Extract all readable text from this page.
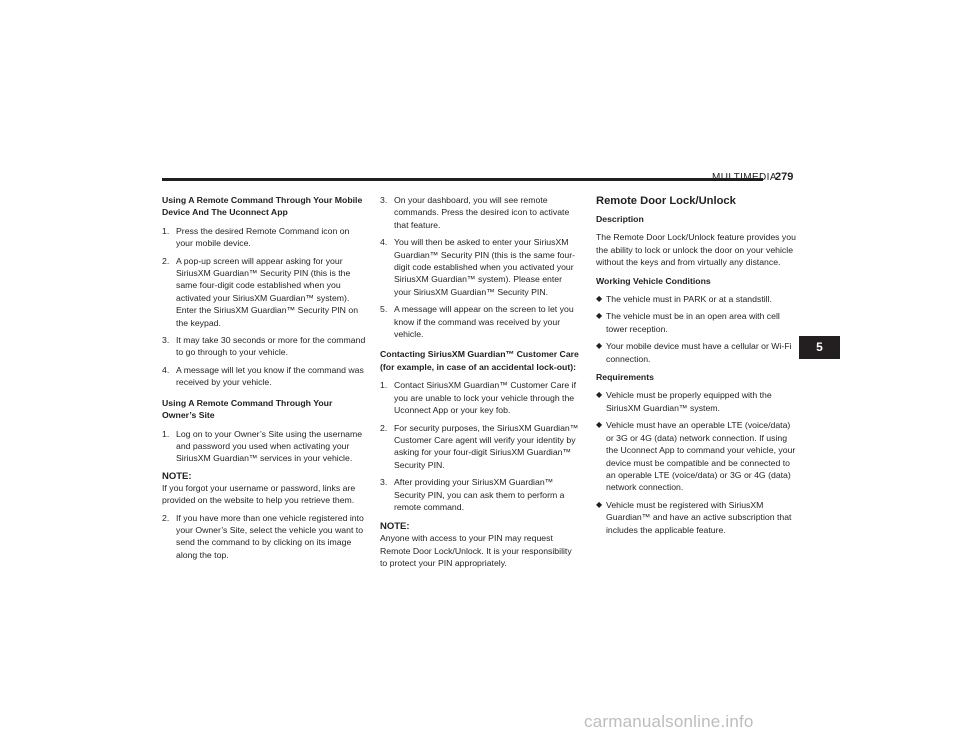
MULTIMEDIA
279
Using A Remote Command Through Your Mobile Device And The Uconnect App
1. Press the desired Remote Command icon on your mobile device.
2. A pop-up screen will appear asking for your SiriusXM Guardian™ Security PIN (this is the same four-digit code established when you activated your SiriusXM Guardian™ system). Enter the SiriusXM Guardian™ Security PIN on the keypad.
3. It may take 30 seconds or more for the command to go through to your vehicle.
4. A message will let you know if the command was received by your vehicle.
Using A Remote Command Through Your Owner’s Site
1. Log on to your Owner’s Site using the username and password you used when activating your SiriusXM Guardian™ services in your vehicle.
NOTE:
If you forgot your username or password, links are provided on the website to help you retrieve them.
2. If you have more than one vehicle registered into your Owner’s Site, select the vehicle you want to send the command to by clicking on its image along the top.
3. On your dashboard, you will see remote commands. Press the desired icon to activate that feature.
4. You will then be asked to enter your SiriusXM Guardian™ Security PIN (this is the same four-digit code established when you activated your SiriusXM Guardian™ system). Please enter your SiriusXM Guardian™ Security PIN.
5. A message will appear on the screen to let you know if the command was received by your vehicle.
Contacting SiriusXM Guardian™ Customer Care (for example, in case of an accidental lock-out):
1. Contact SiriusXM Guardian™ Customer Care if you are unable to lock your vehicle through the Uconnect App or your key fob.
2. For security purposes, the SiriusXM Guardian™ Customer Care agent will verify your identity by asking for your four-digit SiriusXM Guardian™ Security PIN.
3. After providing your SiriusXM Guardian™ Security PIN, you can ask them to perform a remote command.
NOTE:
Anyone with access to your PIN may request Remote Door Lock/Unlock. It is your responsibility to protect your PIN appropriately.
Remote Door Lock/Unlock
Description
The Remote Door Lock/Unlock feature provides you the ability to lock or unlock the door on your vehicle without the keys and from virtually any distance.
Working Vehicle Conditions
◆ The vehicle must in PARK or at a standstill.
◆ The vehicle must be in an open area with cell tower reception.
◆ Your mobile device must have a cellular or Wi-Fi connection.
Requirements
◆ Vehicle must be properly equipped with the SiriusXM Guardian™ system.
◆ Vehicle must have an operable LTE (voice/data) or 3G or 4G (data) network connection. If using the Uconnect App to command your vehicle, your device must be compatible and be connected to an operable LTE (voice/data) or 3G or 4G (data) network connection.
◆ Vehicle must be registered with SiriusXM Guardian™ and have an active subscription that includes the applicable feature.
5
carmanualsonline.info
